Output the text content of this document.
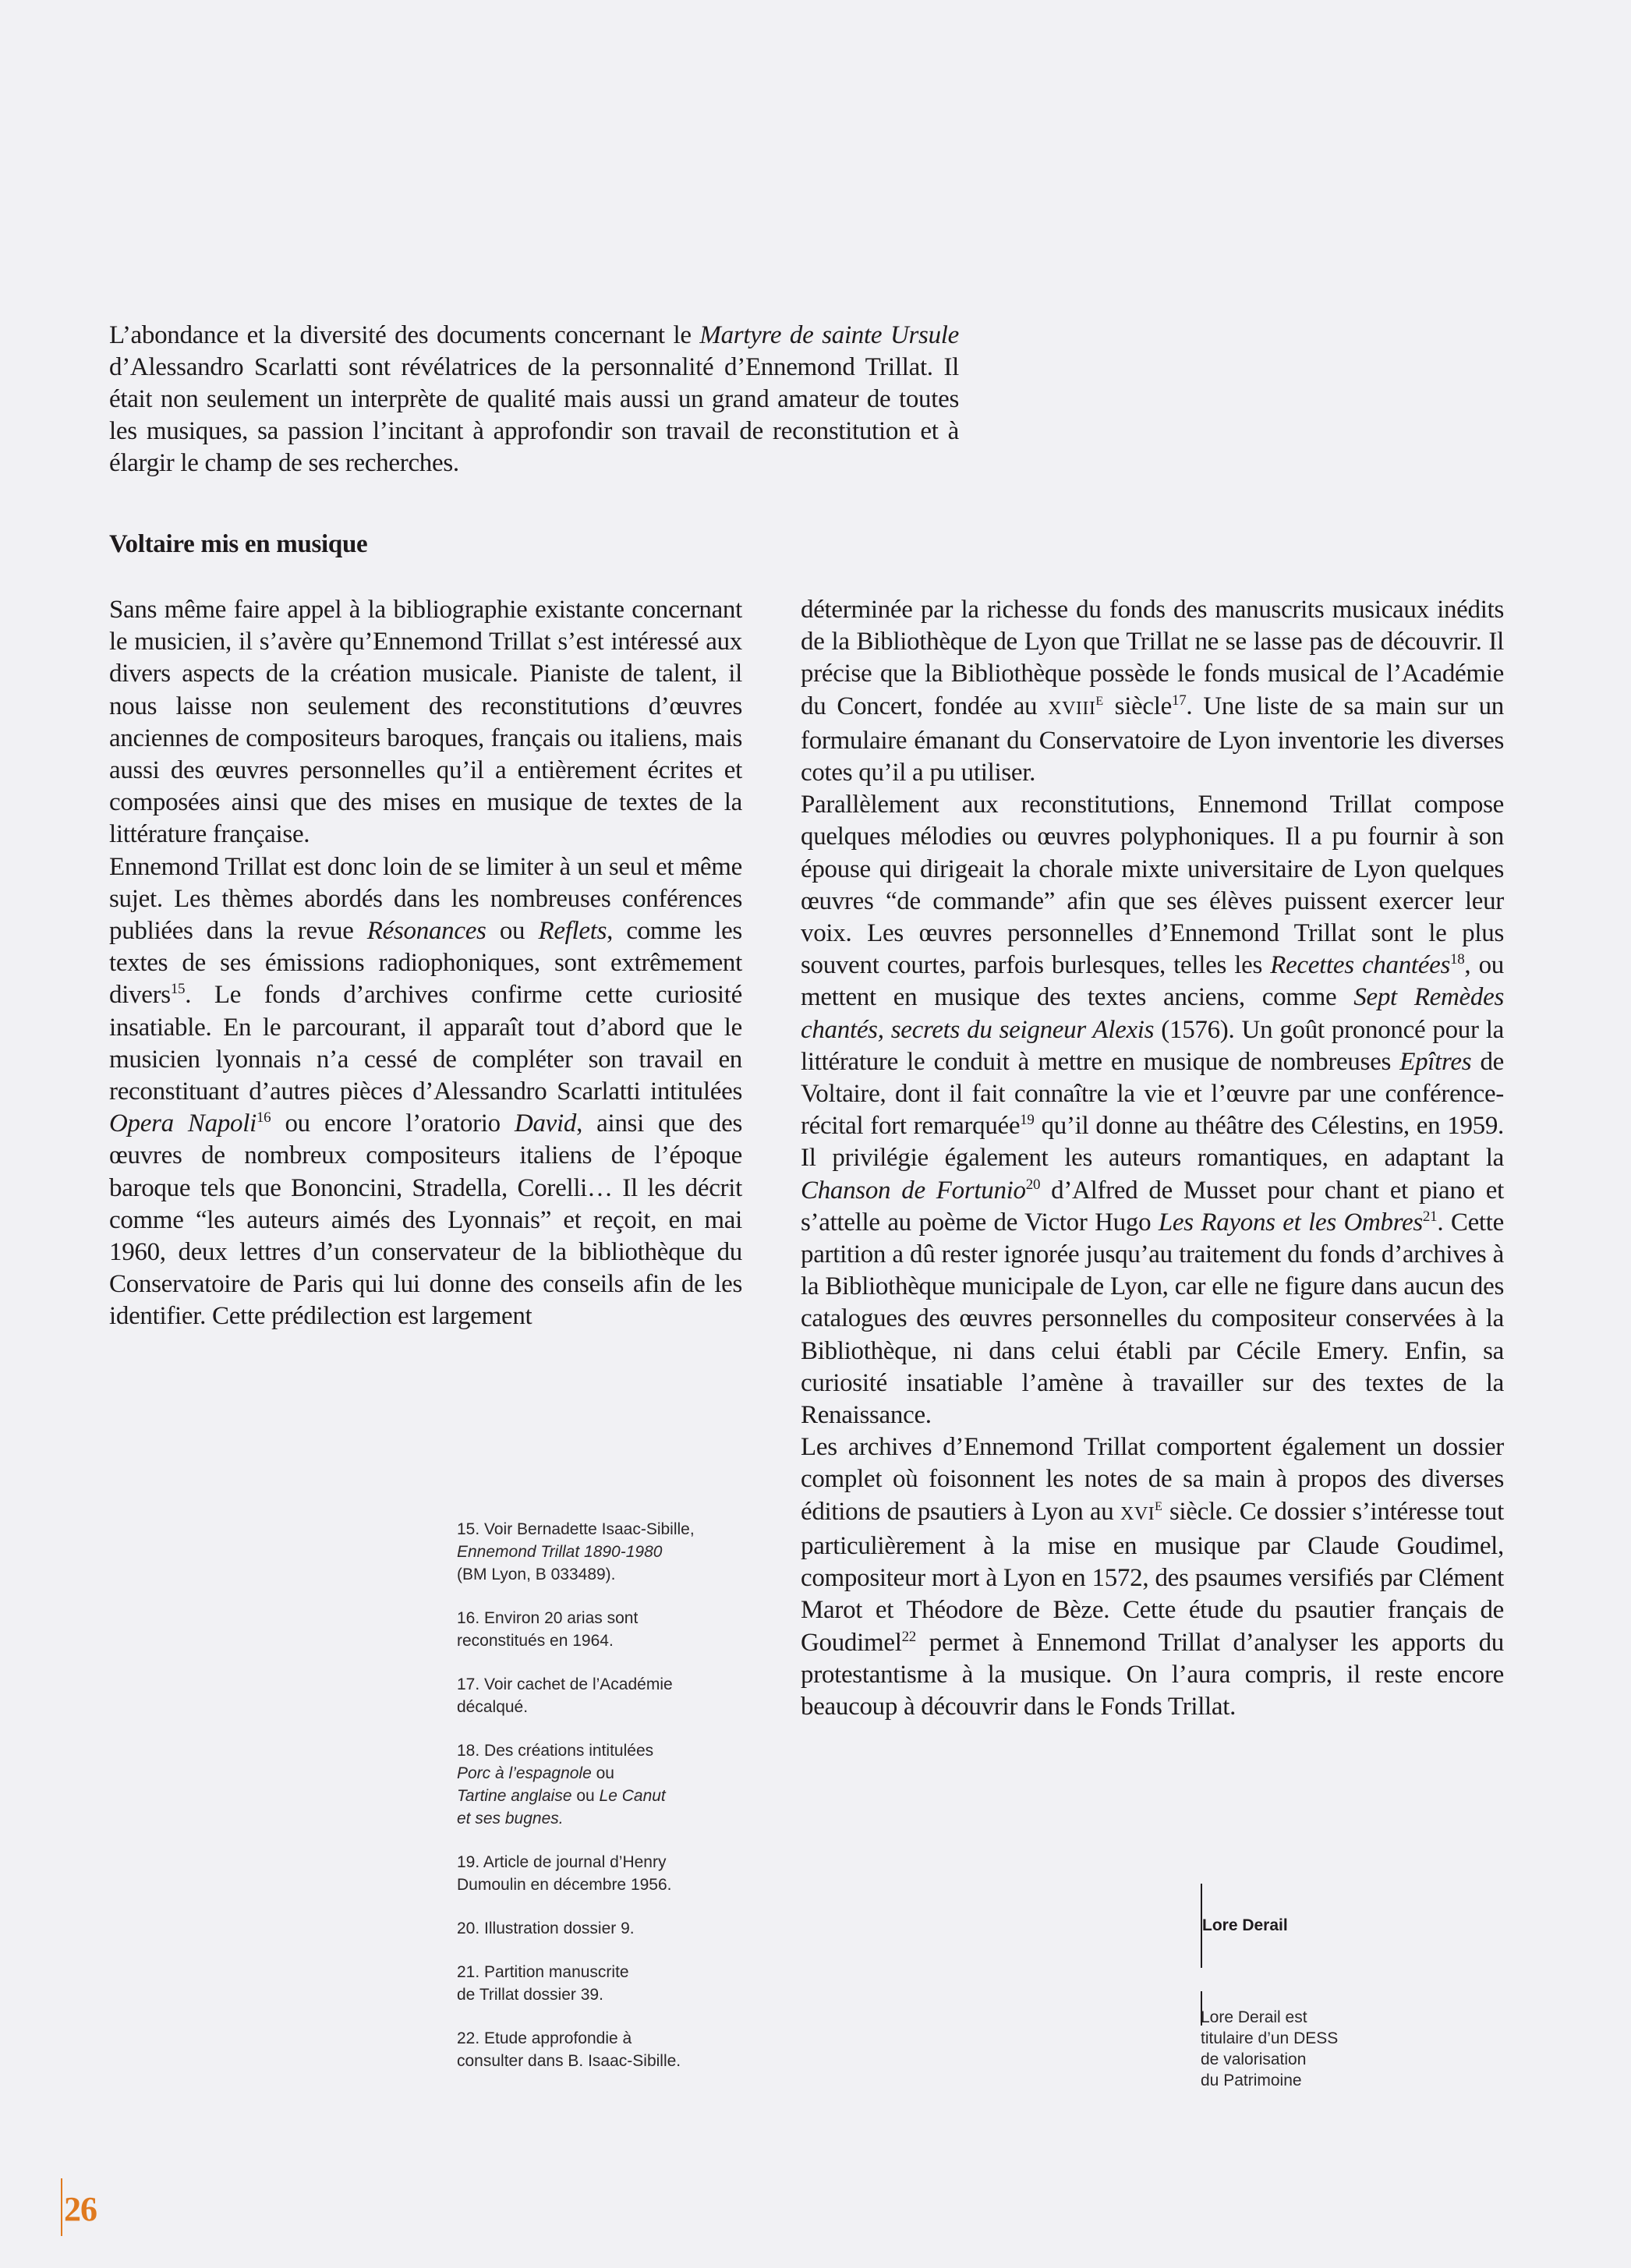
L’abondance et la diversité des documents concernant le Martyre de sainte Ursule d’Alessandro Scarlatti sont révélatrices de la personnalité d’Ennemond Trillat. Il était non seulement un interprète de qualité mais aussi un grand amateur de toutes les musiques, sa passion l’incitant à approfondir son travail de reconstitution et à élargir le champ de ses recherches.

Voltaire mis en musique

Sans même faire appel à la bibliographie existante concernant le musicien, il s’avère qu’Ennemond Trillat s’est intéressé aux divers aspects de la création musicale. Pianiste de talent, il nous laisse non seulement des reconstitutions d’œuvres anciennes de compositeurs baroques, français ou italiens, mais aussi des œuvres personnelles qu’il a entièrement écrites et composées ainsi que des mises en musique de textes de la littérature française.

Ennemond Trillat est donc loin de se limiter à un seul et même sujet. Les thèmes abordés dans les nombreuses conférences publiées dans la revue Résonances ou Reflets, comme les textes de ses émissions radiophoniques, sont extrêmement divers$^{15}$. Le fonds d’archives confirme cette curiosité insatiable. En le parcourant, il apparaît tout d’abord que le musicien lyonnais n’a cessé de compléter son travail en reconstituant d’autres pièces d’Alessandro Scarlatti intitulées Opera Napoli$^{16}$ ou encore l’oratorio David, ainsi que des œuvres de nombreux compositeurs italiens de l’époque baroque tels que Bononcini, Stradella, Corelli… Il les décrit comme “les auteurs aimés des Lyonnais” et reçoit, en mai 1960, deux lettres d’un conservateur de la bibliothèque du Conservatoire de Paris qui lui donne des conseils afin de les identifier. Cette prédilection est largement

déterminée par la richesse du fonds des manuscrits musicaux inédits de la Bibliothèque de Lyon que Trillat ne se lasse pas de découvrir. Il précise que la Bibliothèque possède le fonds musical de l’Académie du Concert, fondée au $XVIII^E$ siècle$^{17}$. Une liste de sa main sur un formulaire émanant du Conservatoire de Lyon inventorie les diverses cotes qu’il a pu utiliser.

Parallèlement aux reconstitutions, Ennemond Trillat compose quelques mélodies ou œuvres polyphoniques. Il a pu fournir à son épouse qui dirigeait la chorale mixte universitaire de Lyon quelques œuvres “de commande” afin que ses élèves puissent exercer leur voix. Les œuvres personnelles d’Ennemond Trillat sont le plus souvent courtes, parfois burlesques, telles les Recettes chantées$^{18}$, ou mettent en musique des textes anciens, comme Sept Remèdes chantés, secrets du seigneur Alexis (1576). Un goût prononcé pour la littérature le conduit à mettre en musique de nombreuses Epîtres de Voltaire, dont il fait connaître la vie et l’œuvre par une conférence-récital fort remarquée$^{19}$ qu’il donne au théâtre des Célestins, en 1959. Il privilégie également les auteurs romantiques, en adaptant la Chanson de Fortunio$^{20}$ d’Alfred de Musset pour chant et piano et s’attelle au poème de Victor Hugo Les Rayons et les Ombres$^{21}$. Cette partition a dû rester ignorée jusqu’au traitement du fonds d’archives à la Bibliothèque municipale de Lyon, car elle ne figure dans aucun des catalogues des œuvres personnelles du compositeur conservées à la Bibliothèque, ni dans celui établi par Cécile Emery. Enfin, sa curiosité insatiable l’amène à travailler sur des textes de la Renaissance.

Les archives d’Ennemond Trillat comportent également un dossier complet où foisonnent les notes de sa main à propos des diverses éditions de psautiers à Lyon au $XVI^E$ siècle. Ce dossier s’intéresse tout particulièrement à la mise en musique par Claude Goudimel, compositeur mort à Lyon en 1572, des psaumes versifiés par Clément Marot et Théodore de Bèze. Cette étude du psautier français de Goudimel$^{22}$ permet à Ennemond Trillat d’analyser les apports du protestantisme à la musique. On l’aura compris, il reste encore beaucoup à découvrir dans le Fonds Trillat.

15. Voir Bernadette Isaac-Sibille,
Ennemond Trillat 1890-1980
(BM Lyon, B 033489).
16. Environ 20 arias sont
reconstitués en 1964.
17. Voir cachet de l’Académie
décalqué.
18. Des créations intitulées
Porc à l’espagnole ou
Tartine anglaise ou Le Canut
et ses bugnes.
19. Article de journal d’Henry
Dumoulin en décembre 1956.
20. Illustration dossier 9.
21. Partition manuscrite
de Trillat dossier 39.
22. Etude approfondie à
consulter dans B. Isaac-Sibille.
Lore Derail

Lore Derail est

titulaire d’un DESS

de valorisation

du Patrimoine

26
